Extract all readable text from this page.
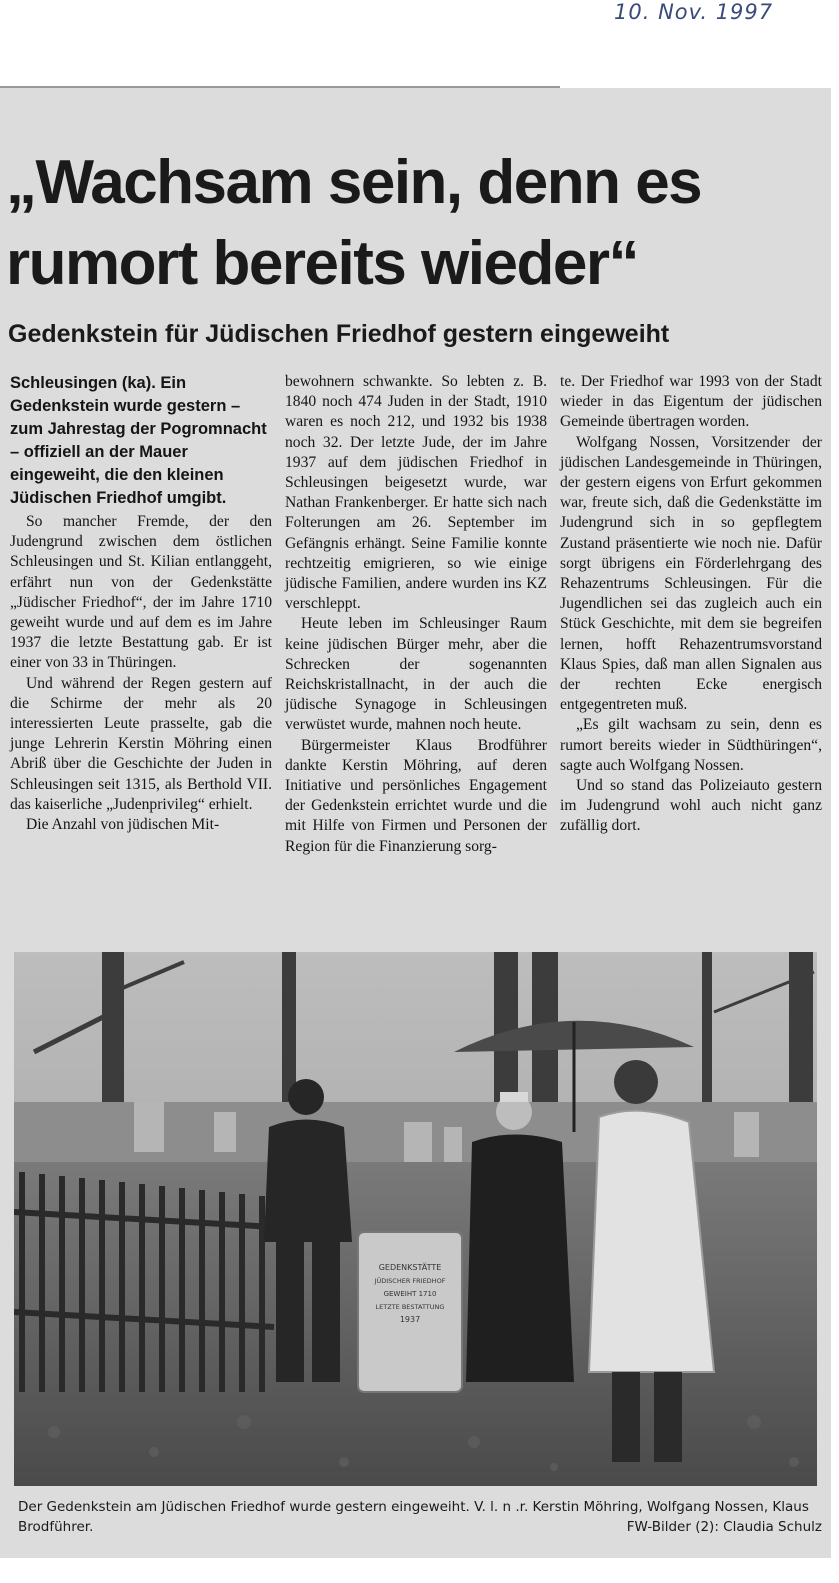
10. Nov. 1997
„Wachsam sein, denn es rumort bereits wieder“
Gedenkstein für Jüdischen Friedhof gestern eingeweiht

Schleusingen (ka). Ein Gedenkstein wurde gestern – zum Jahrestag der Pogromnacht – offiziell an der Mauer eingeweiht, die den kleinen Jüdischen Friedhof umgibt.

So mancher Fremde, der den Judengrund zwischen dem östlichen Schleusingen und St. Kilian entlanggeht, erfährt nun von der Gedenkstätte „Jüdischer Friedhof“, der im Jahre 1710 geweiht wurde und auf dem es im Jahre 1937 die letzte Bestattung gab. Er ist einer von 33 in Thüringen.

Und während der Regen gestern auf die Schirme der mehr als 20 interessierten Leute prasselte, gab die junge Lehrerin Kerstin Möhring einen Abriß über die Geschichte der Juden in Schleusingen seit 1315, als Berthold VII. das kaiserliche „Judenprivileg“ erhielt.

Die Anzahl von jüdischen Mit-

bewohnern schwankte. So lebten z. B. 1840 noch 474 Juden in der Stadt, 1910 waren es noch 212, und 1932 bis 1938 noch 32. Der letzte Jude, der im Jahre 1937 auf dem jüdischen Friedhof in Schleusingen beigesetzt wurde, war Nathan Frankenberger. Er hatte sich nach Folterungen am 26. September im Gefängnis erhängt. Seine Familie konnte rechtzeitig emigrieren, so wie einige jüdische Familien, andere wurden ins KZ verschleppt.

Heute leben im Schleusinger Raum keine jüdischen Bürger mehr, aber die Schrecken der sogenannten Reichskristallnacht, in der auch die jüdische Synagoge in Schleusingen verwüstet wurde, mahnen noch heute.

Bürgermeister Klaus Brodführer dankte Kerstin Möhring, auf deren Initiative und persönliches Engagement der Gedenkstein errichtet wurde und die mit Hilfe von Firmen und Personen der Region für die Finanzierung sorg-

te. Der Friedhof war 1993 von der Stadt wieder in das Eigentum der jüdischen Gemeinde übertragen worden.

Wolfgang Nossen, Vorsitzender der jüdischen Landesgemeinde in Thüringen, der gestern eigens von Erfurt gekommen war, freute sich, daß die Gedenkstätte im Judengrund sich in so gepflegtem Zustand präsentierte wie noch nie. Dafür sorgt übrigens ein Förderlehrgang des Rehazentrums Schleusingen. Für die Jugendlichen sei das zugleich auch ein Stück Geschichte, mit dem sie begreifen lernen, hofft Rehazentrumsvorstand Klaus Spies, daß man allen Signalen aus der rechten Ecke energisch entgegentreten muß.

„Es gilt wachsam zu sein, denn es rumort bereits wieder in Südthüringen“, sagte auch Wolfgang Nossen.

Und so stand das Polizeiauto gestern im Judengrund wohl auch nicht ganz zufällig dort.

GEDENKSTÄTTE
JÜDISCHER FRIEDHOF
GEWEIHT 1710
LETZTE BESTATTUNG
1937
Der Gedenkstein am Jüdischen Friedhof wurde gestern eingeweiht. V. l. n .r. Kerstin Möhring, Wolfgang Nossen, Klaus Brodführer.	FW-Bilder (2): Claudia Schulz
